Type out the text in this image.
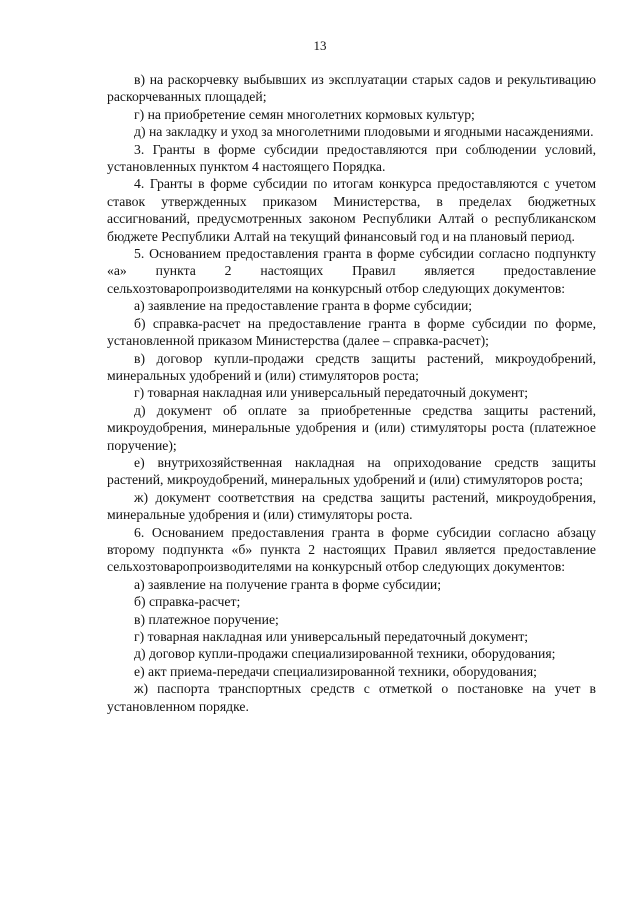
13

в) на раскорчевку выбывших из эксплуатации старых садов и рекультивацию раскорчеванных площадей;

г) на приобретение семян многолетних кормовых культур;

д) на закладку и уход за многолетними плодовыми и ягодными насаждениями.

3. Гранты в форме субсидии предоставляются при соблюдении условий, установленных пунктом 4 настоящего Порядка.

4. Гранты в форме субсидии по итогам конкурса предоставляются с учетом ставок утвержденных приказом Министерства, в пределах бюджетных ассигнований, предусмотренных законом Республики Алтай о республиканском бюджете Республики Алтай на текущий финансовый год и на плановый период.

5. Основанием предоставления гранта в форме субсидии согласно подпункту «а» пункта 2 настоящих Правил является предоставление сельхозтоваропроизводителями на конкурсный отбор следующих документов:

а) заявление на предоставление гранта в форме субсидии;

б) справка-расчет на предоставление гранта в форме субсидии по форме, установленной приказом Министерства (далее – справка-расчет);

в) договор купли-продажи средств защиты растений, микроудобрений, минеральных удобрений и (или) стимуляторов роста;

г) товарная накладная или универсальный передаточный документ;

д) документ об оплате за приобретенные средства защиты растений, микроудобрения, минеральные удобрения и (или) стимуляторы роста (платежное поручение);

е) внутрихозяйственная накладная на оприходование средств защиты растений, микроудобрений, минеральных удобрений и (или) стимуляторов роста;

ж) документ соответствия на средства защиты растений, микроудобрения, минеральные удобрения и (или) стимуляторы роста.

6. Основанием предоставления гранта в форме субсидии согласно абзацу второму подпункта «б» пункта 2 настоящих Правил является предоставление сельхозтоваропроизводителями на конкурсный отбор следующих документов:

а) заявление на получение гранта в форме субсидии;

б) справка-расчет;

в) платежное поручение;

г) товарная накладная или универсальный передаточный документ;

д) договор купли-продажи специализированной техники, оборудования;

е) акт приема-передачи специализированной техники, оборудования;

ж) паспорта транспортных средств с отметкой о постановке на учет в установленном порядке.
